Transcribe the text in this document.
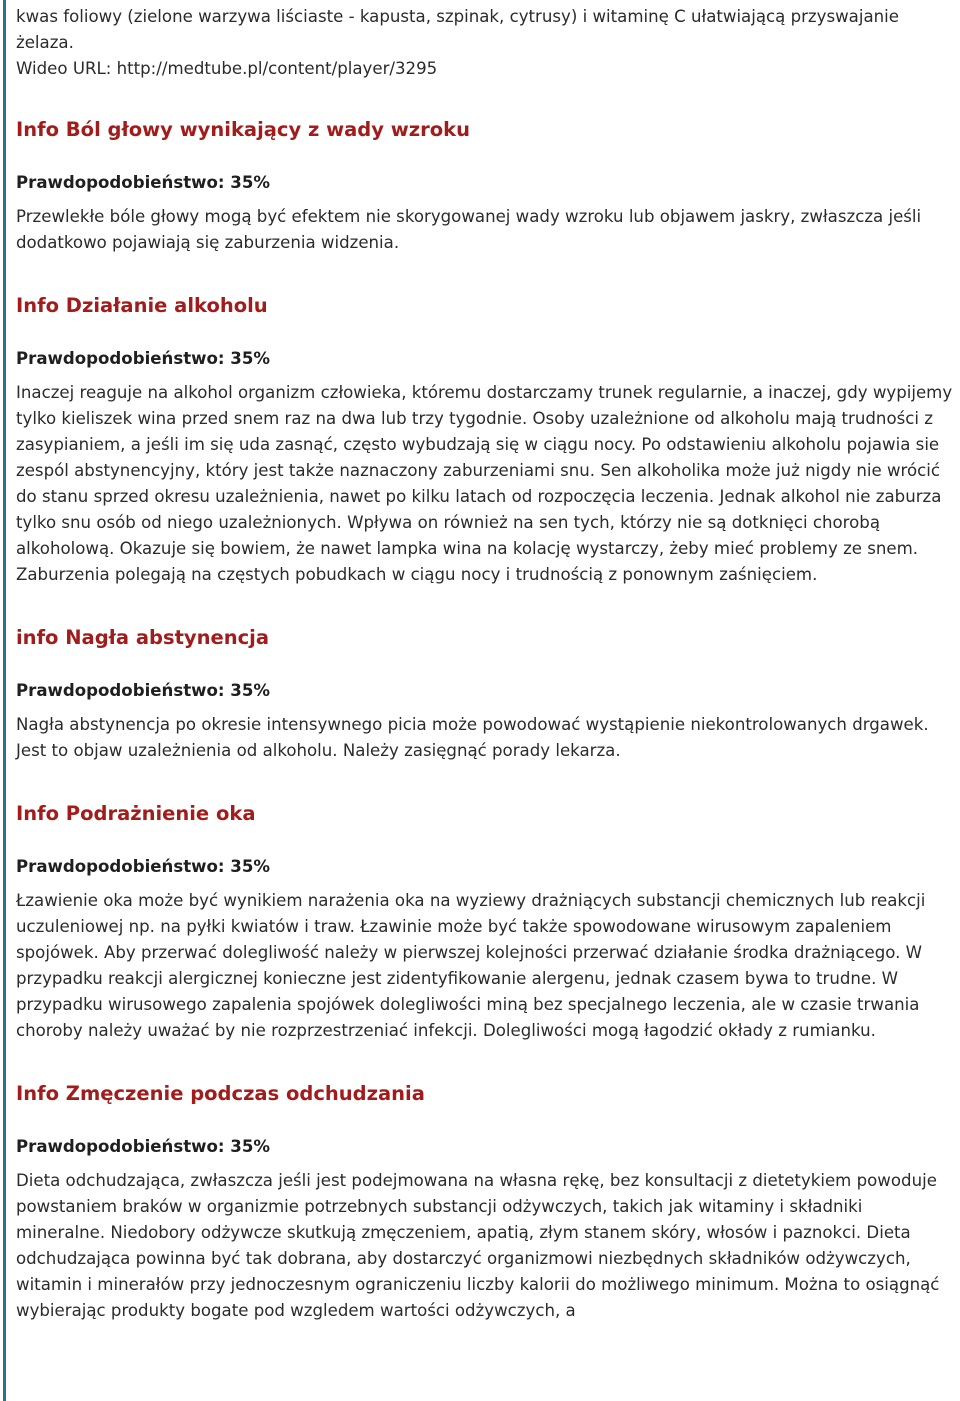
kwas foliowy (zielone warzywa liściaste - kapusta, szpinak, cytrusy) i witaminę C ułatwiającą przyswajanie żelaza.

Wideo URL: http://medtube.pl/content/player/3295

Info Ból głowy wynikający z wady wzroku

Prawdopodobieństwo: 35%

Przewlekłe bóle głowy mogą być efektem nie skorygowanej wady wzroku lub objawem jaskry, zwłaszcza jeśli dodatkowo pojawiają się zaburzenia widzenia.

Info Działanie alkoholu

Prawdopodobieństwo: 35%

Inaczej reaguje na alkohol organizm człowieka, któremu dostarczamy trunek regularnie, a inaczej, gdy wypijemy tylko kieliszek wina przed snem raz na dwa lub trzy tygodnie. Osoby uzależnione od alkoholu mają trudności z zasypianiem, a jeśli im się uda zasnąć, często wybudzają się w ciągu nocy. Po odstawieniu alkoholu pojawia sie zespól abstynencyjny, który jest także naznaczony zaburzeniami snu. Sen alkoholika może już nigdy nie wrócić do stanu sprzed okresu uzależnienia, nawet po kilku latach od rozpoczęcia leczenia. Jednak alkohol nie zaburza tylko snu osób od niego uzależnionych. Wpływa on również na sen tych, którzy nie są dotknięci chorobą alkoholową. Okazuje się bowiem, że nawet lampka wina na kolację wystarczy, żeby mieć problemy ze snem. Zaburzenia polegają na częstych pobudkach w ciągu nocy i trudnością z ponownym zaśnięciem.

info Nagła abstynencja

Prawdopodobieństwo: 35%

Nagła abstynencja po okresie intensywnego picia może powodować wystąpienie niekontrolowanych drgawek. Jest to objaw uzależnienia od alkoholu. Należy zasięgnąć porady lekarza.

Info Podrażnienie oka

Prawdopodobieństwo: 35%

Łzawienie oka może być wynikiem narażenia oka na wyziewy drażniących substancji chemicznych lub reakcji uczuleniowej np. na pyłki kwiatów i traw. Łzawinie może być także spowodowane wirusowym zapaleniem spojówek. Aby przerwać dolegliwość należy w pierwszej kolejności przerwać działanie środka drażniącego. W przypadku reakcji alergicznej konieczne jest zidentyfikowanie alergenu, jednak czasem bywa to trudne. W przypadku wirusowego zapalenia spojówek dolegliwości miną bez specjalnego leczenia, ale w czasie trwania choroby należy uważać by nie rozprzestrzeniać infekcji. Dolegliwości mogą łagodzić okłady z rumianku.

Info Zmęczenie podczas odchudzania

Prawdopodobieństwo: 35%

Dieta odchudzająca, zwłaszcza jeśli jest podejmowana na własna rękę, bez konsultacji z dietetykiem powoduje powstaniem braków w organizmie potrzebnych substancji odżywczych, takich jak witaminy i składniki mineralne. Niedobory odżywcze skutkują zmęczeniem, apatią, złym stanem skóry, włosów i paznokci. Dieta odchudzająca powinna być tak dobrana, aby dostarczyć organizmowi niezbędnych składników odżywczych, witamin i minerałów przy jednoczesnym ograniczeniu liczby kalorii do możliwego minimum. Można to osiągnąć wybierając produkty bogate pod wzgledem wartości odżywczych, a
